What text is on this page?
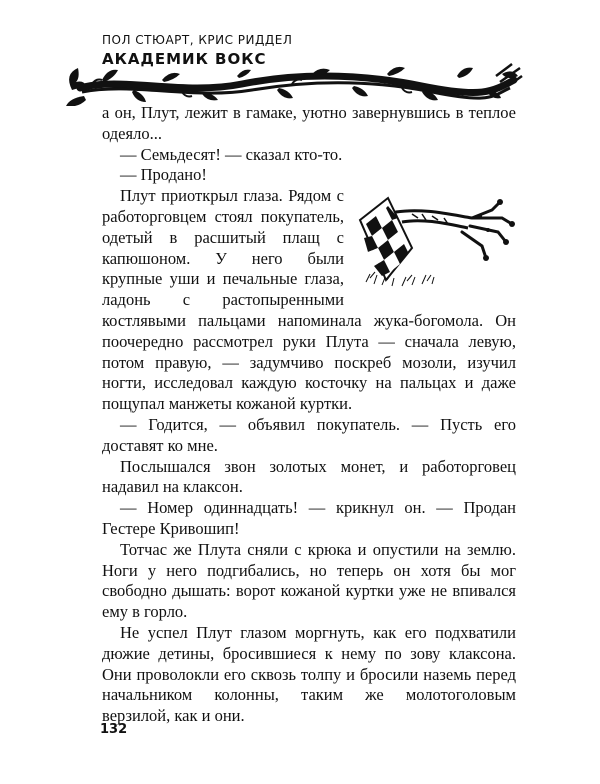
ПОЛ СТЮАРТ, КРИС РИДДЕЛ
АКАДЕМИК ВОКС

а он, Плут, лежит в гамаке, уютно завернувшись в теплое одеяло...

— Семьдесят! — сказал кто-то.

— Продано!

Плут приоткрыл глаза. Рядом с работорговцем стоял покупатель, одетый в расшитый плащ с капюшоном. У него были крупные уши и печальные глаза, ладонь с растопыренными костлявыми пальцами напоминала жука-богомола. Он поочередно рассмотрел руки Плута — сначала левую, потом правую, — задумчиво поскреб мозоли, изучил ногти, исследовал каждую косточку на пальцах и даже пощупал манжеты кожаной куртки.

— Годится, — объявил покупатель. — Пусть его доставят ко мне.

Послышался звон золотых монет, и работорговец надавил на клаксон.

— Номер одиннадцать! — крикнул он. — Продан Гестере Кривошип!

Тотчас же Плута сняли с крюка и опустили на землю. Ноги у него подгибались, но теперь он хотя бы мог свободно дышать: ворот кожаной куртки уже не впивался ему в горло.

Не успел Плут глазом моргнуть, как его подхватили дюжие детины, бросившиеся к нему по зову клаксона. Они проволокли его сквозь толпу и бросили наземь перед начальником колонны, таким же молотоголовым верзилой, как и они.

132
